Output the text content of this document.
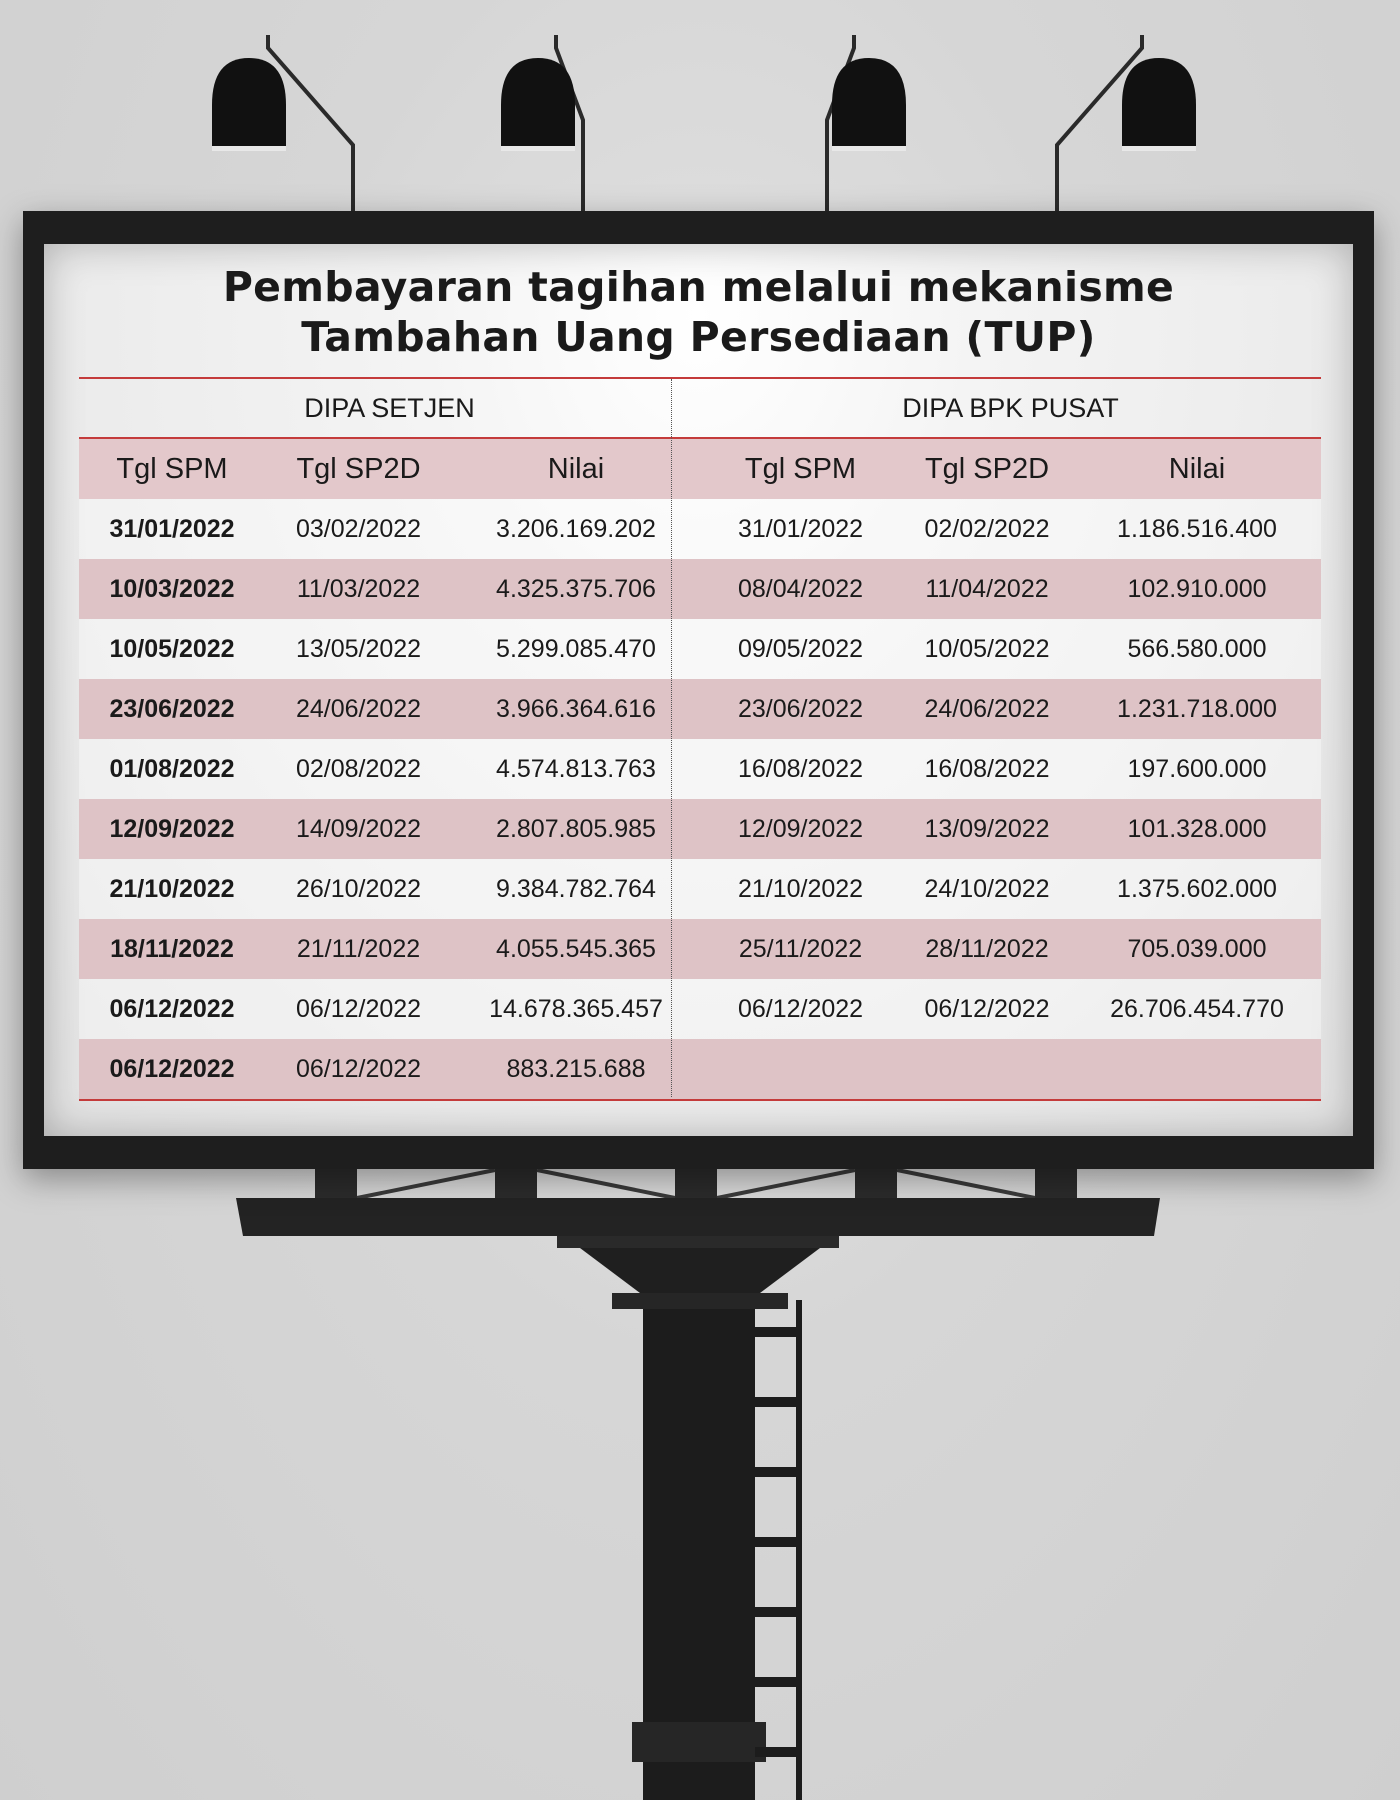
Pembayaran tagihan melalui mekanisme
Tambahan Uang Persediaan (TUP)
DIPA SETJEN	DIPA BPK PUSAT
Tgl SPM	Tgl SP2D	Nilai	Tgl SPM	Tgl SP2D	Nilai
31/01/2022	03/02/2022	3.206.169.202	31/01/2022	02/02/2022	1.186.516.400
10/03/2022	11/03/2022	4.325.375.706	08/04/2022	11/04/2022	102.910.000
10/05/2022	13/05/2022	5.299.085.470	09/05/2022	10/05/2022	566.580.000
23/06/2022	24/06/2022	3.966.364.616	23/06/2022	24/06/2022	1.231.718.000
01/08/2022	02/08/2022	4.574.813.763	16/08/2022	16/08/2022	197.600.000
12/09/2022	14/09/2022	2.807.805.985	12/09/2022	13/09/2022	101.328.000
21/10/2022	26/10/2022	9.384.782.764	21/10/2022	24/10/2022	1.375.602.000
18/11/2022	21/11/2022	4.055.545.365	25/11/2022	28/11/2022	705.039.000
06/12/2022	06/12/2022	14.678.365.457	06/12/2022	06/12/2022	26.706.454.770
06/12/2022	06/12/2022	883.215.688			
